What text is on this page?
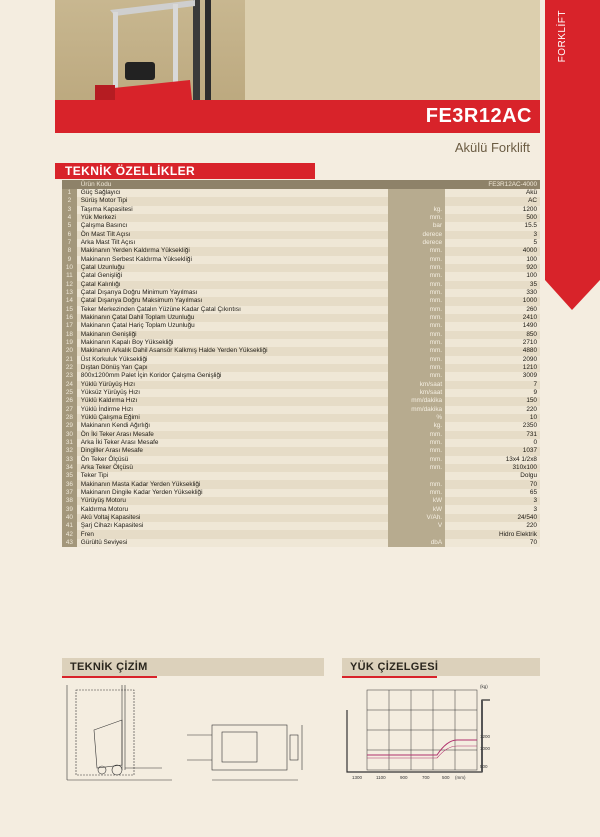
FORKLİFT
FE3R12AC
Akülü Forklift
TEKNİK ÖZELLİKLER
	Ürün Kodu		FE3R12AC-4000
1	Güç Sağlayıcı		Akü
2	Sürüş Motor Tipi		AC
3	Taşıma Kapasitesi	kg.	1200
4	Yük Merkezi	mm.	500
5	Çalışma Basıncı	bar	15.5
6	Ön Mast Tilt Açısı	derece	3
7	Arka Mast Tilt Açısı	derece	5
8	Makinanın Yerden Kaldırma Yüksekliği	mm.	4000
9	Makinanın Serbest Kaldırma Yüksekliği	mm.	100
10	Çatal Uzunluğu	mm.	920
11	Çatal Genişliği	mm.	100
12	Çatal Kalınlığı	mm.	35
13	Çatal Dışarıya Doğru Minimum Yayılması	mm.	330
14	Çatal Dışarıya Doğru Maksimum Yayılması	mm.	1000
15	Teker Merkezinden Çatalın Yüzüne Kadar Çatal Çıkıntısı	mm.	260
16	Makinanın Çatal Dahil Toplam Uzunluğu	mm.	2410
17	Makinanın Çatal Hariç Toplam Uzunluğu	mm.	1490
18	Makinanın Genişliği	mm.	850
19	Makinanın Kapalı Boy Yüksekliği	mm.	2710
20	Makinanın Arkalık Dahil Asansör Kalkmış Halde Yerden Yüksekliği	mm.	4880
21	Üst Korkuluk Yüksekliği	mm.	2090
22	Dıştan Dönüş Yarı Çapı	mm.	1210
23	800x1200mm Palet İçin Koridor Çalışma Genişliği	mm.	3009
24	Yüklü Yürüyüş Hızı	km/saat	7
25	Yüksüz Yürüyüş Hızı	km/saat	9
26	Yüklü Kaldırma Hızı	mm/dakika	150
27	Yüklü İndirme Hızı	mm/dakika	220
28	Yüklü Çalışma Eğimi	%	10
29	Makinanın Kendi Ağırlığı	kg.	2350
30	Ön İki Teker Arası Mesafe	mm.	731
31	Arka İki Teker Arası Mesafe	mm.	0
32	Dingiller Arası Mesafe	mm.	1037
33	Ön Teker Ölçüsü	mm.	13x4 1/2x8
34	Arka Teker Ölçüsü	mm.	310x100
35	Teker Tipi		Dolgu
36	Makinanın Masta Kadar Yerden Yüksekliği	mm.	70
37	Makinanın Dingile Kadar Yerden Yüksekliği	mm.	65
38	Yürüyüş Motoru	kW	3
39	Kaldırma Motoru	kW	3
40	Akü Voltaj Kapasitesi	V/Ah.	24/540
41	Şarj Cihazı Kapasitesi	V	220
42	Fren		Hidro Elektrik
43	Gürültü Seviyesi	dbA	70
TEKNİK ÇİZİM	YÜK ÇİZELGESİ
(kg)
1200
1000
500
1300	1100	900	700	500 (mm)
